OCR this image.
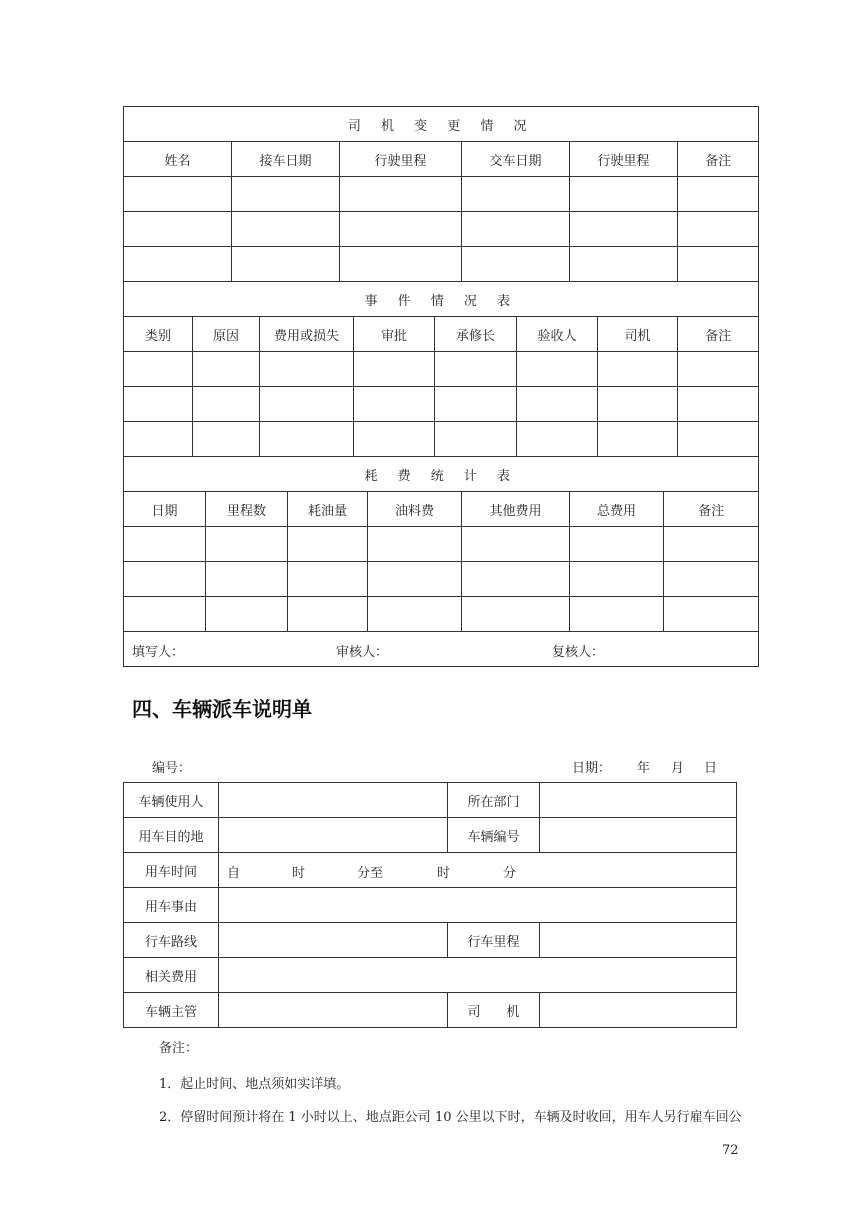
司 机 变 更 情 况															
姓名			接车日期			行驶里程				交车日期		行驶里程			备注

事 件 情 况 表															
类别	原因			费用或损失			审批		承修长		验收人		司机		备注

耗 费 统 计 表															
日期		里程数			耗油量			油料费		其他费用		总费用		备注	

填写人： 审核人： 复核人：															
四、车辆派车说明单
编号：	日期： 年 月 日
车辆使用人		所在部门	
用车目的地		车辆编号	
用车时间	自 时 分至 时 分		

用车事由			
行车路线		行车里程	
相关费用			
车辆主管		司　　机	
备注：
1．起止时间、地点须如实详填。
2．停留时间预计将在 1 小时以上、地点距公司 10 公里以下时，车辆及时收回，用车人另行雇车回公
72
